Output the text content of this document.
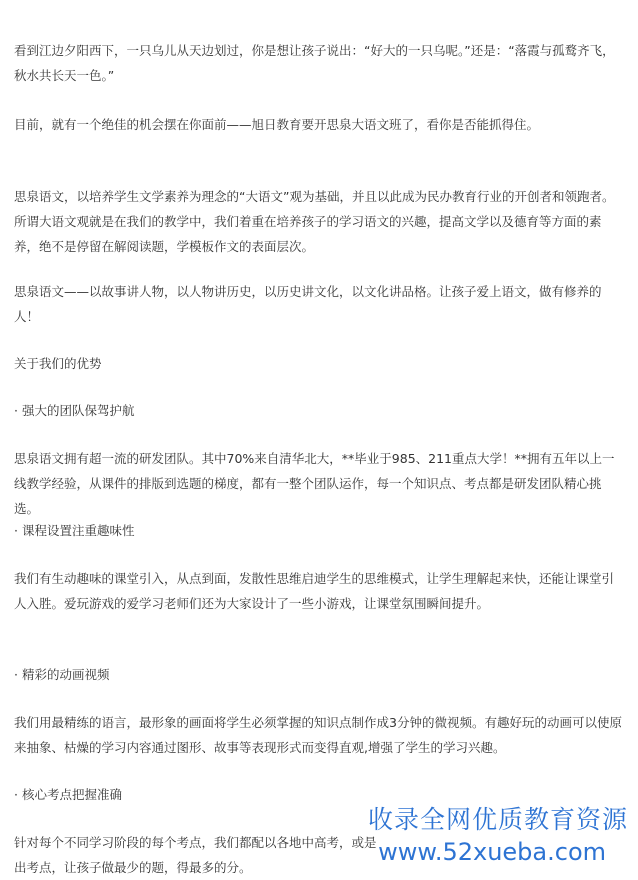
看到江边夕阳西下，一只乌儿从天边划过，你是想让孩子说出：“好大的一只乌呢。”还是：“落霞与孤鹜齐飞，秋水共长天一色。”

目前，就有一个绝佳的机会摆在你面前——旭日教育要开思泉大语文班了，看你是否能抓得住。

思泉语文，以培养学生文学素养为理念的“大语文”观为基础，并且以此成为民办教育行业的开创者和领跑者。所谓大语文观就是在我们的教学中，我们着重在培养孩子的学习语文的兴趣，提高文学以及德育等方面的素养，绝不是停留在解阅读题，学模板作文的表面层次。

思泉语文——以故事讲人物，以人物讲历史，以历史讲文化，以文化讲品格。让孩子爱上语文，做有修养的人！

关于我们的优势

· 强大的团队保驾护航

思泉语文拥有超一流的研发团队。其中70%来自清华北大，**毕业于985、211重点大学！**拥有五年以上一线教学经验，从课件的排版到选题的梯度，都有一整个团队运作，每一个知识点、考点都是研发团队精心挑选。

· 课程设置注重趣味性

我们有生动趣味的课堂引入，从点到面，发散性思维启迪学生的思维模式，让学生理解起来快，还能让课堂引人入胜。爱玩游戏的爱学习老师们还为大家设计了一些小游戏，让课堂氛围瞬间提升。

· 精彩的动画视频

我们用最精练的语言，最形象的画面将学生必须掌握的知识点制作成3分钟的微视频。有趣好玩的动画可以使原来抽象、枯燥的学习内容通过图形、故事等表现形式而变得直观,增强了学生的学习兴趣。

· 核心考点把握准确

针对每个不同学习阶段的每个考点，我们都配以各地中高考，或是

出考点，让孩子做最少的题，得最多的分。

收录全网优质教育资源
www.52xueba.com
